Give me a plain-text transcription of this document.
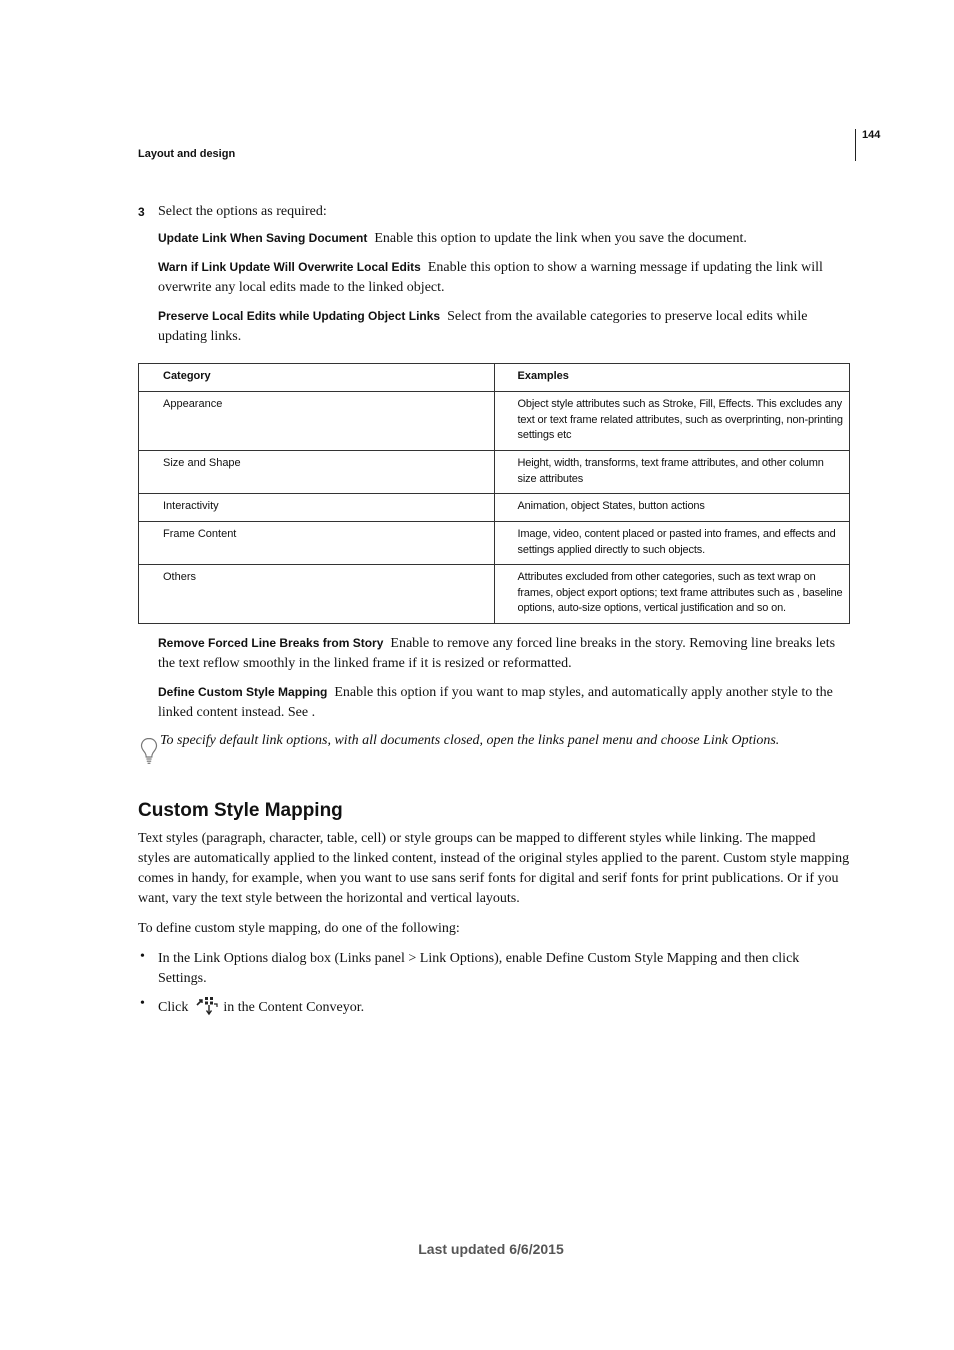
144
Layout and design
3 Select the options as required:

Update Link When Saving Document Enable this option to update the link when you save the document.

Warn if Link Update Will Overwrite Local Edits Enable this option to show a warning message if updating the link will overwrite any local edits made to the linked object.

Preserve Local Edits while Updating Object Links Select from the available categories to preserve local edits while updating links.

Category	Examples
Appearance	Object style attributes such as Stroke, Fill, Effects. This excludes any text or text frame related attributes, such as overprinting, non-printing settings etc
Size and Shape	Height, width, transforms, text frame attributes, and other column size attributes
Interactivity	Animation, object States, button actions
Frame Content	Image, video, content placed or pasted into frames, and effects and settings applied directly to such objects.
Others	Attributes excluded from other categories, such as text wrap on frames, object export options; text frame attributes such as , baseline options, auto-size options, vertical justification and so on.

Remove Forced Line Breaks from Story Enable to remove any forced line breaks in the story. Removing line breaks lets the text reflow smoothly in the linked frame if it is resized or reformatted.

Define Custom Style Mapping Enable this option if you want to map styles, and automatically apply another style to the linked content instead. See .

To specify default link options, with all documents closed, open the links panel menu and choose Link Options.
Custom Style Mapping

Text styles (paragraph, character, table, cell) or style groups can be mapped to different styles while linking. The mapped styles are automatically applied to the linked content, instead of the original styles applied to the parent. Custom style mapping comes in handy, for example, when you want to use sans serif fonts for digital and serif fonts for print publications. Or if you want, vary the text style between the horizontal and vertical layouts.

To define custom style mapping, do one of the following:

• In the Link Options dialog box (Links panel > Link Options), enable Define Custom Style Mapping and then click Settings.

• Click	in the Content Conveyor.

Last updated 6/6/2015
